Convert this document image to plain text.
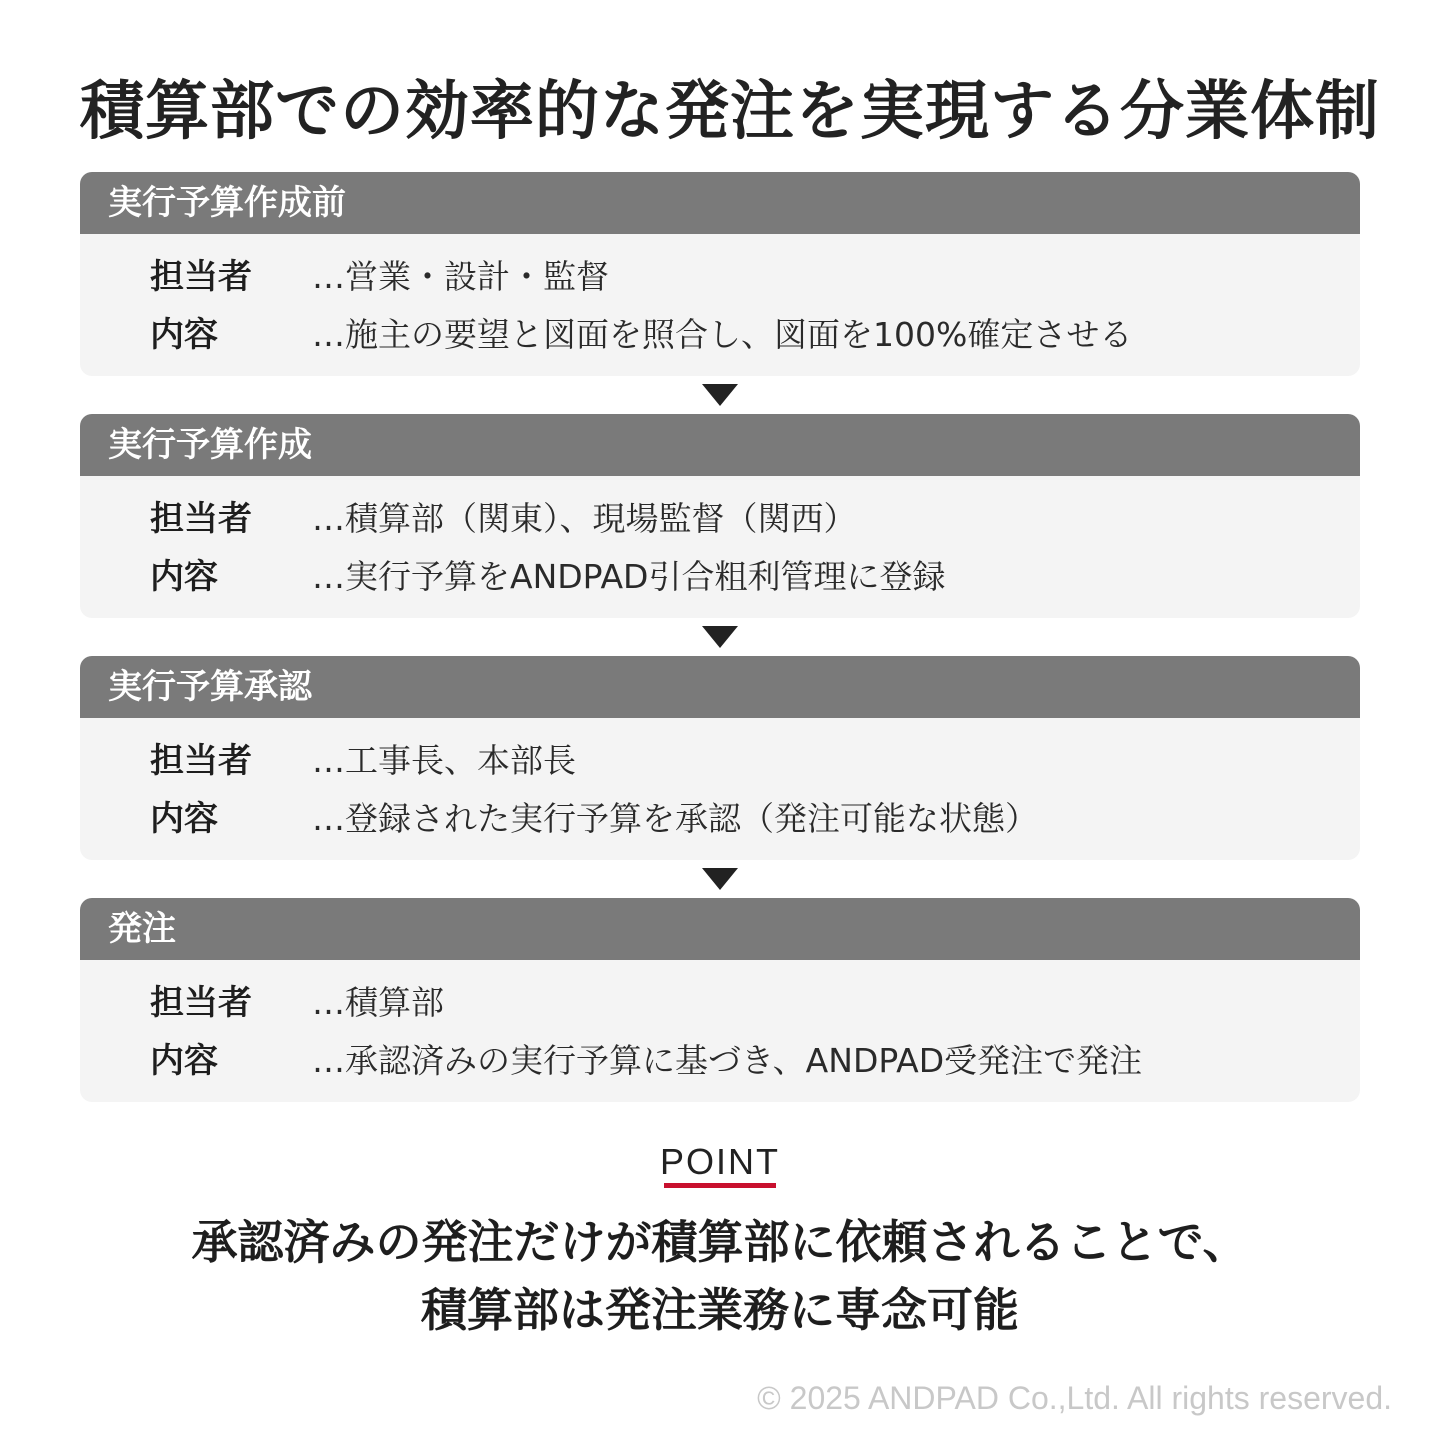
積算部での効率的な発注を実現する分業体制
実行予算作成前
担当者 …営業・設計・監督
内容	…施主の要望と図面を照合し、図面を100%確定させる
実行予算作成
担当者 …積算部（関東）、現場監督（関西）
内容	…実行予算をANDPAD引合粗利管理に登録
実行予算承認
担当者 …工事長、本部長
内容	…登録された実行予算を承認（発注可能な状態）
発注
担当者 …積算部
内容	…承認済みの実行予算に基づき、ANDPAD受発注で発注
POINT
承認済みの発注だけが積算部に依頼されることで、
積算部は発注業務に専念可能
© 2025 ANDPAD Co.,Ltd. All rights reserved.
